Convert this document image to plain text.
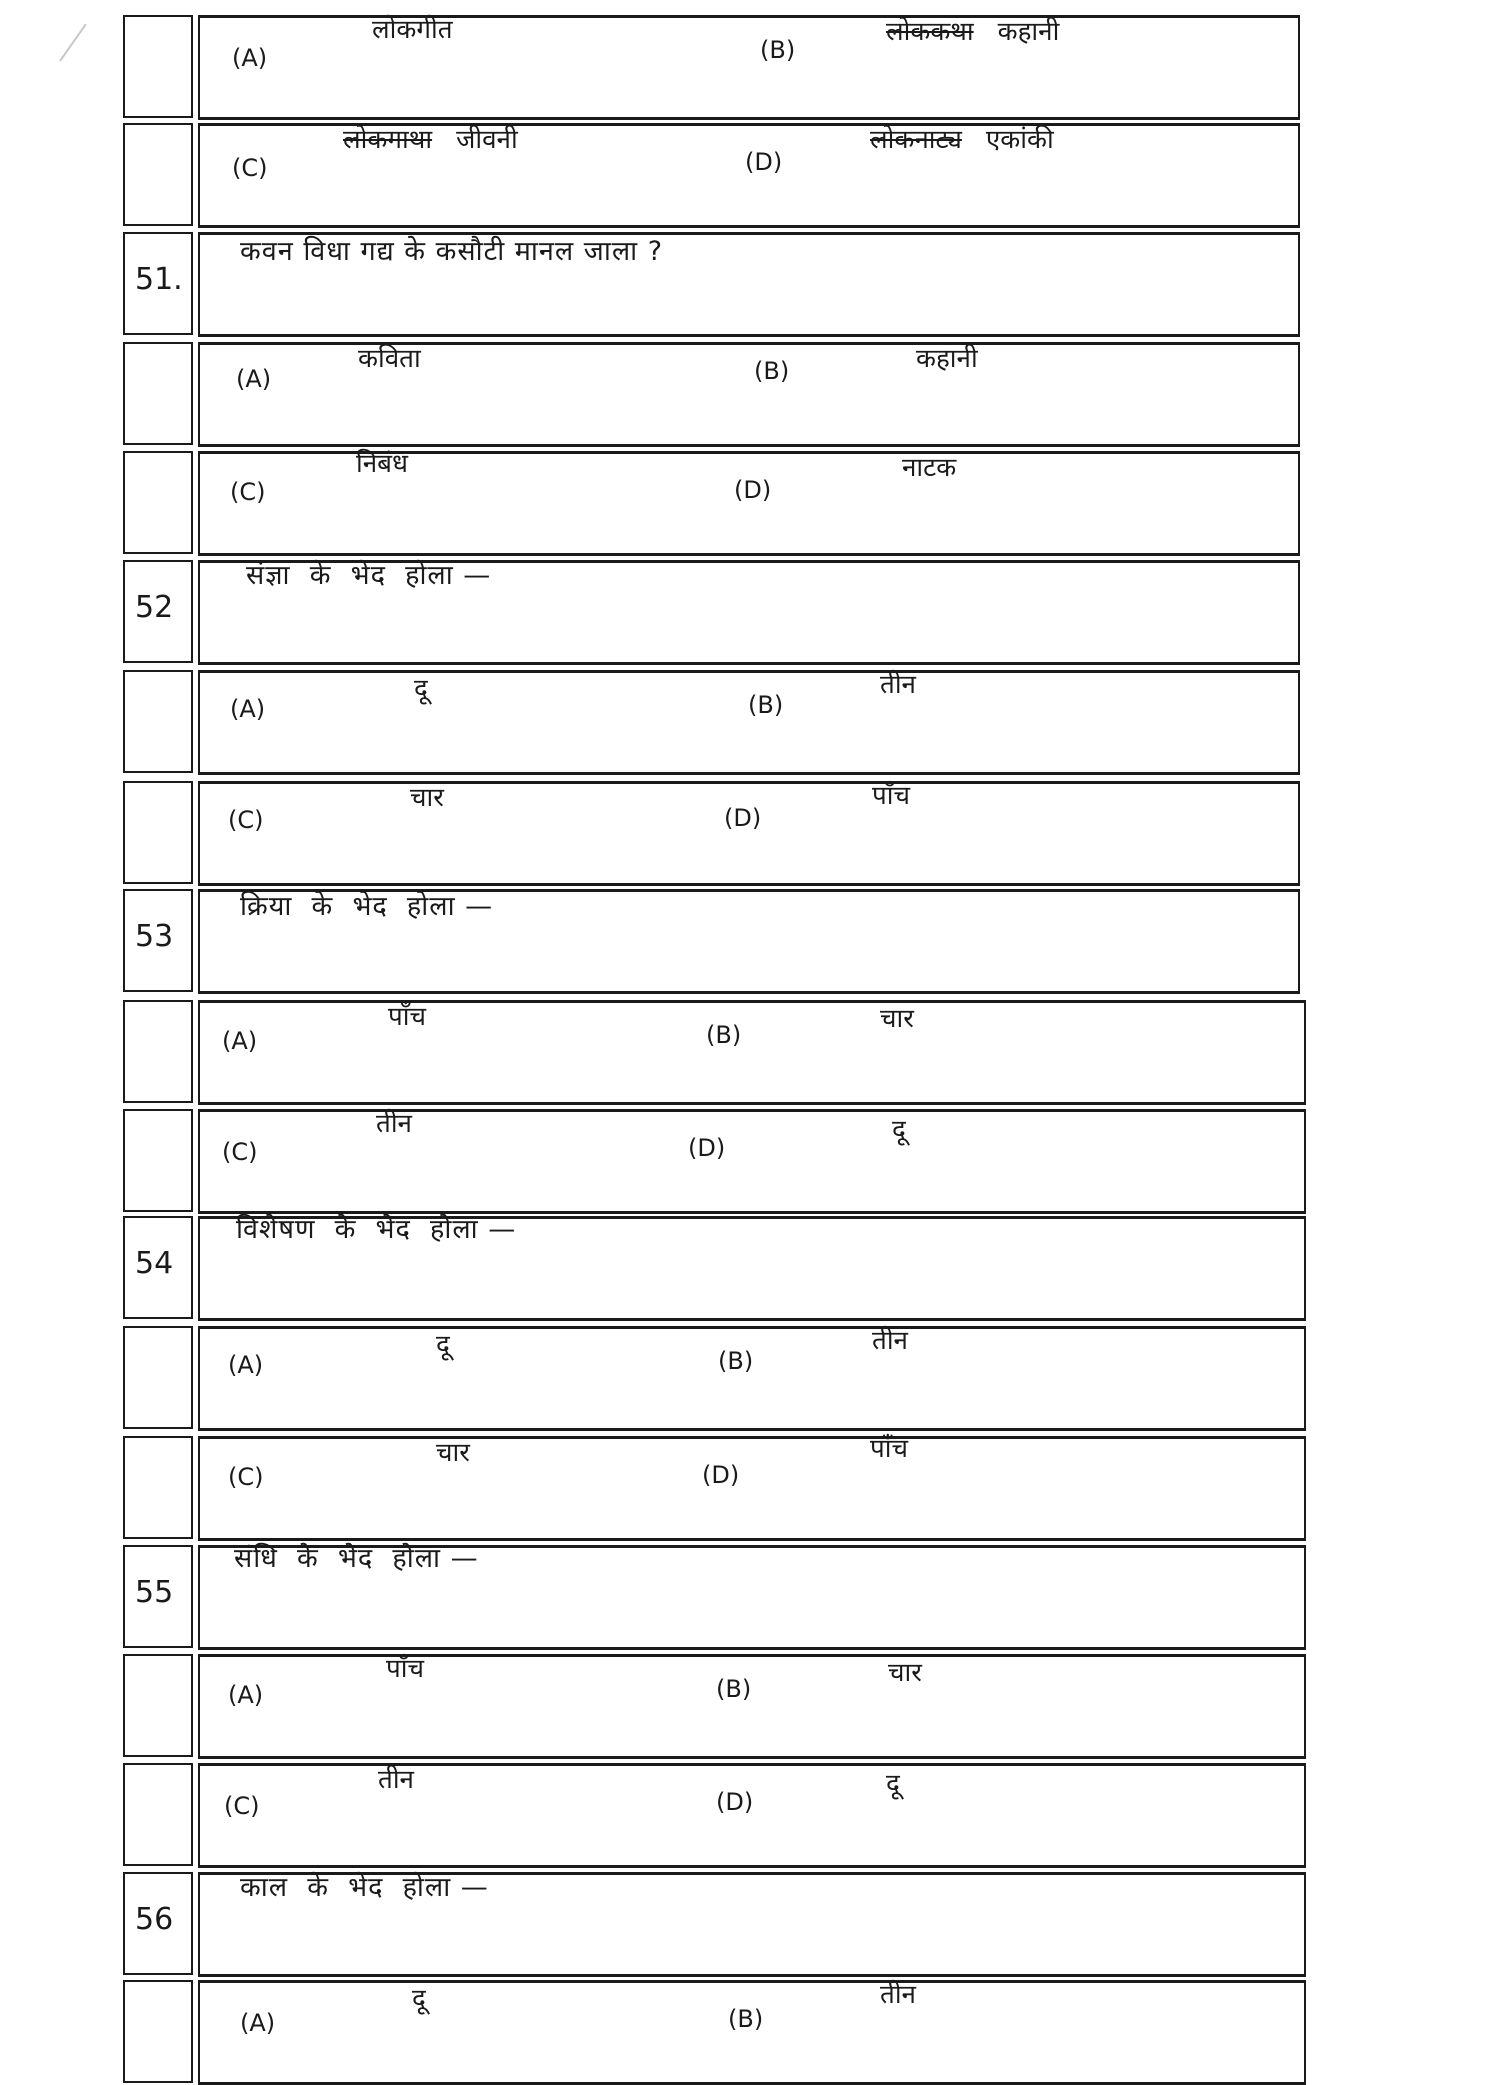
(A)
लोकगीत
(B)
लोककथा कहानी
(C)
लोकगाथा जीवनी
(D)
लोकनाट्य एकांकी
51.
कवन विधा गद्य के कसौटी मानल जाला ?
(A)
कविता	(B)	कहानी
(C)
निबंध
(D)
नाटक
52
संज्ञा  के  भेद  होला —
(A)
दू
(B)
तीन
(C)
चार
(D)
पाँच
53
क्रिया  के  भेद  होला —
(A)
पाँच
(B)
चार
(C)
तीन
(D)
दू
54
विशेषण  के  भेद  होला —
(A)
दू
(B)
तीन
(C)
चार
(D)
पाँच
55
संधि  के  भेद  होला —
(A)
पाँच
(B)
चार
(C)
तीन
(D)
दू
56
काल  के  भेद  होला —
(A)
दू
(B)
तीन
